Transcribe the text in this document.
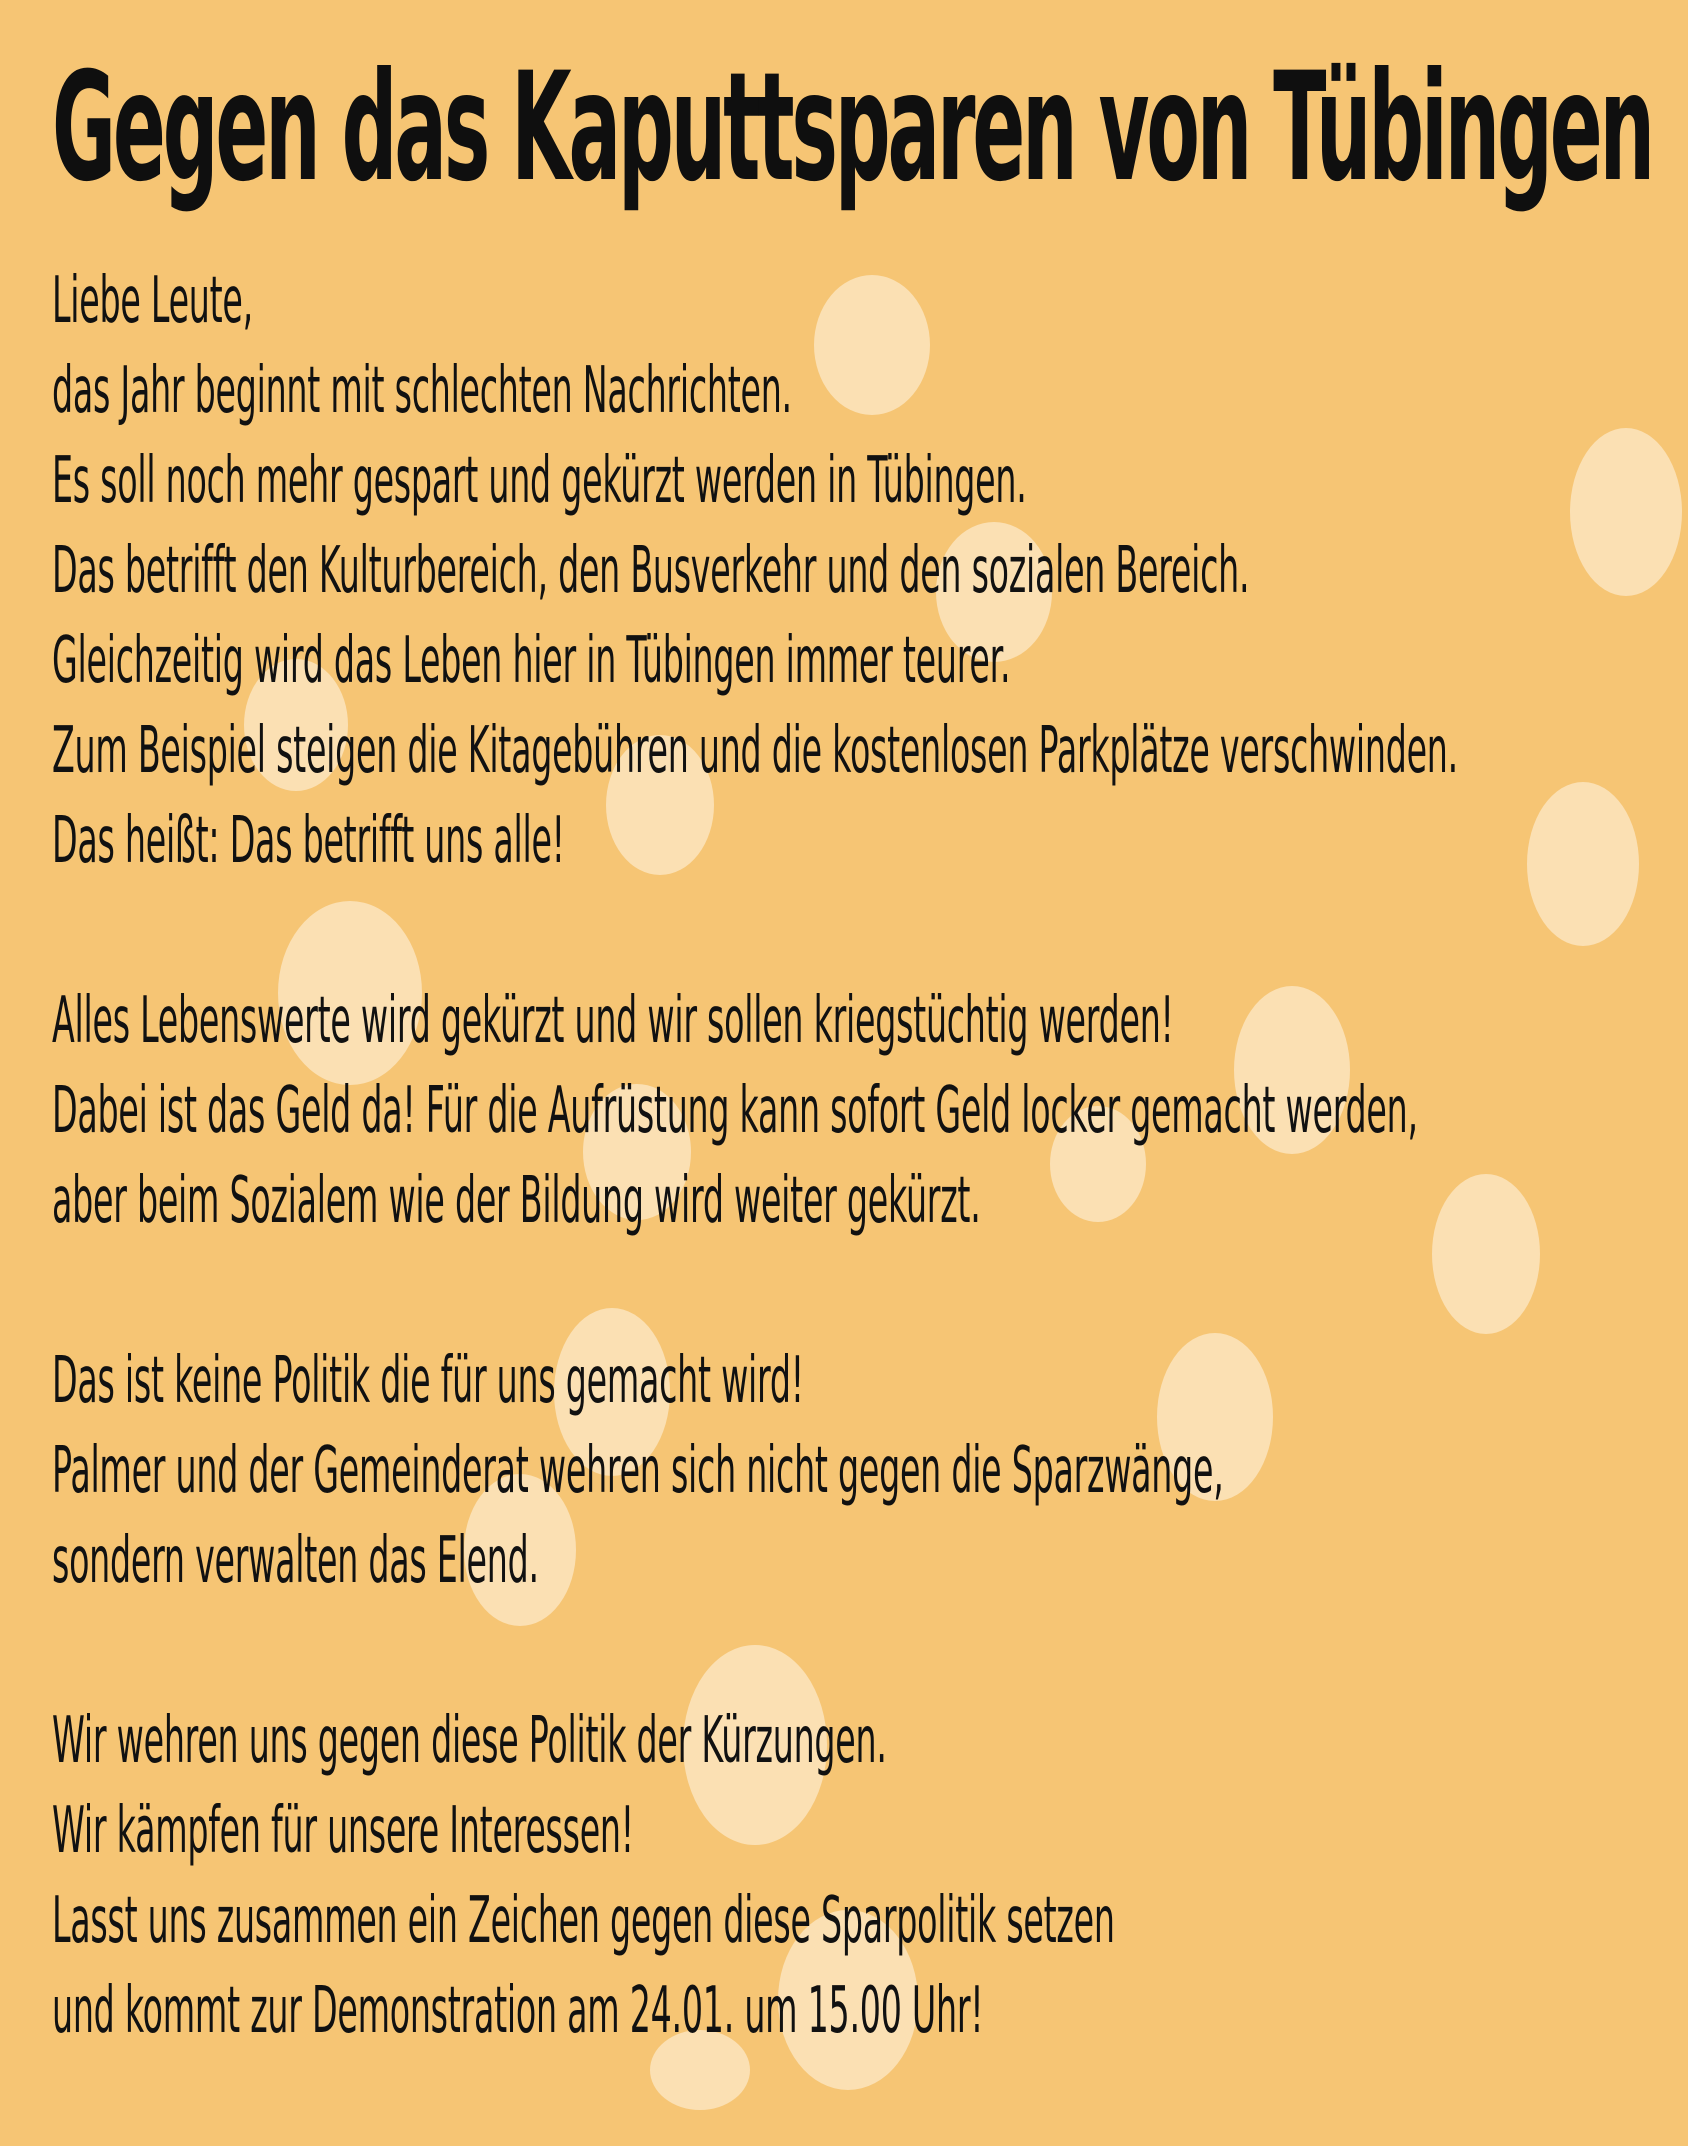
Gegen das Kaputtsparen von Tübingen
Liebe Leute,
das Jahr beginnt mit schlechten Nachrichten.
Es soll noch mehr gespart und gekürzt werden in Tübingen.
Das betrifft den Kulturbereich, den Busverkehr und den sozialen Bereich.
Gleichzeitig wird das Leben hier in Tübingen immer teurer.
Zum Beispiel steigen die Kitagebühren und die kostenlosen Parkplätze verschwinden.
Das heißt: Das betrifft uns alle!
Alles Lebenswerte wird gekürzt und wir sollen kriegstüchtig werden!
Dabei ist das Geld da! Für die Aufrüstung kann sofort Geld locker gemacht werden,
aber beim Sozialem wie der Bildung wird weiter gekürzt.
Das ist keine Politik die für uns gemacht wird!
Palmer und der Gemeinderat wehren sich nicht gegen die Sparzwänge,
sondern verwalten das Elend.
Wir wehren uns gegen diese Politik der Kürzungen.
Wir kämpfen für unsere Interessen!
Lasst uns zusammen ein Zeichen gegen diese Sparpolitik setzen
und kommt zur Demonstration am 24.01. um 15.00 Uhr!
